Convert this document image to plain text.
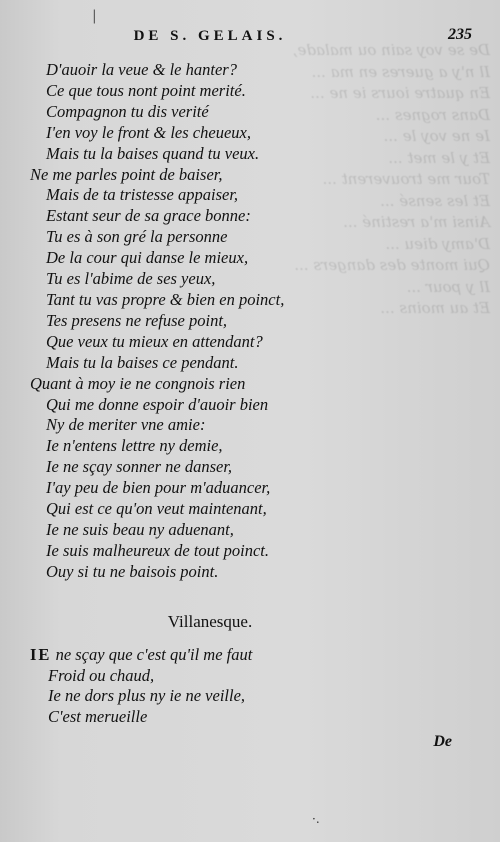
De se voy sain ou malade,
Il n'y a gueres en ma ...
En quatre iours ie ne ...
Dans rognes ...
Ie ne voy le ...
Et y le met ...
Tour me trouverent ...
Et les sensé ...
Ainsi m'a restiné ...
D'amy dieu ...
Qui monte des dangers ...
Il y pour ...
Et au moins ...
|
DE S. GELAIS.	235
D'auoir la veue & le hanter?
Ce que tous nont point merité.
Compagnon tu dis verité
I'en voy le front & les cheueux,
Mais tu la baises quand tu veux.
Ne me parles point de baiser,
Mais de ta tristesse appaiser,
Estant seur de sa grace bonne:
Tu es à son gré la personne
De la cour qui danse le mieux,
Tu es l'abime de ses yeux,
Tant tu vas propre & bien en poinct,
Tes presens ne refuse point,
Que veux tu mieux en attendant?
Mais tu la baises ce pendant.
Quant à moy ie ne congnois rien
Qui me donne espoir d'auoir bien
Ny de meriter vne amie:
Ie n'entens lettre ny demie,
Ie ne sçay sonner ne danser,
I'ay peu de bien pour m'aduancer,
Qui est ce qu'on veut maintenant,
Ie ne suis beau ny aduenant,
Ie suis malheureux de tout poinct.
Ouy si tu ne baisois point.
Villanesque.
IE ne sçay que c'est qu'il me faut
Froid ou chaud,
Ie ne dors plus ny ie ne veille,
C'est merueille
De
·.
